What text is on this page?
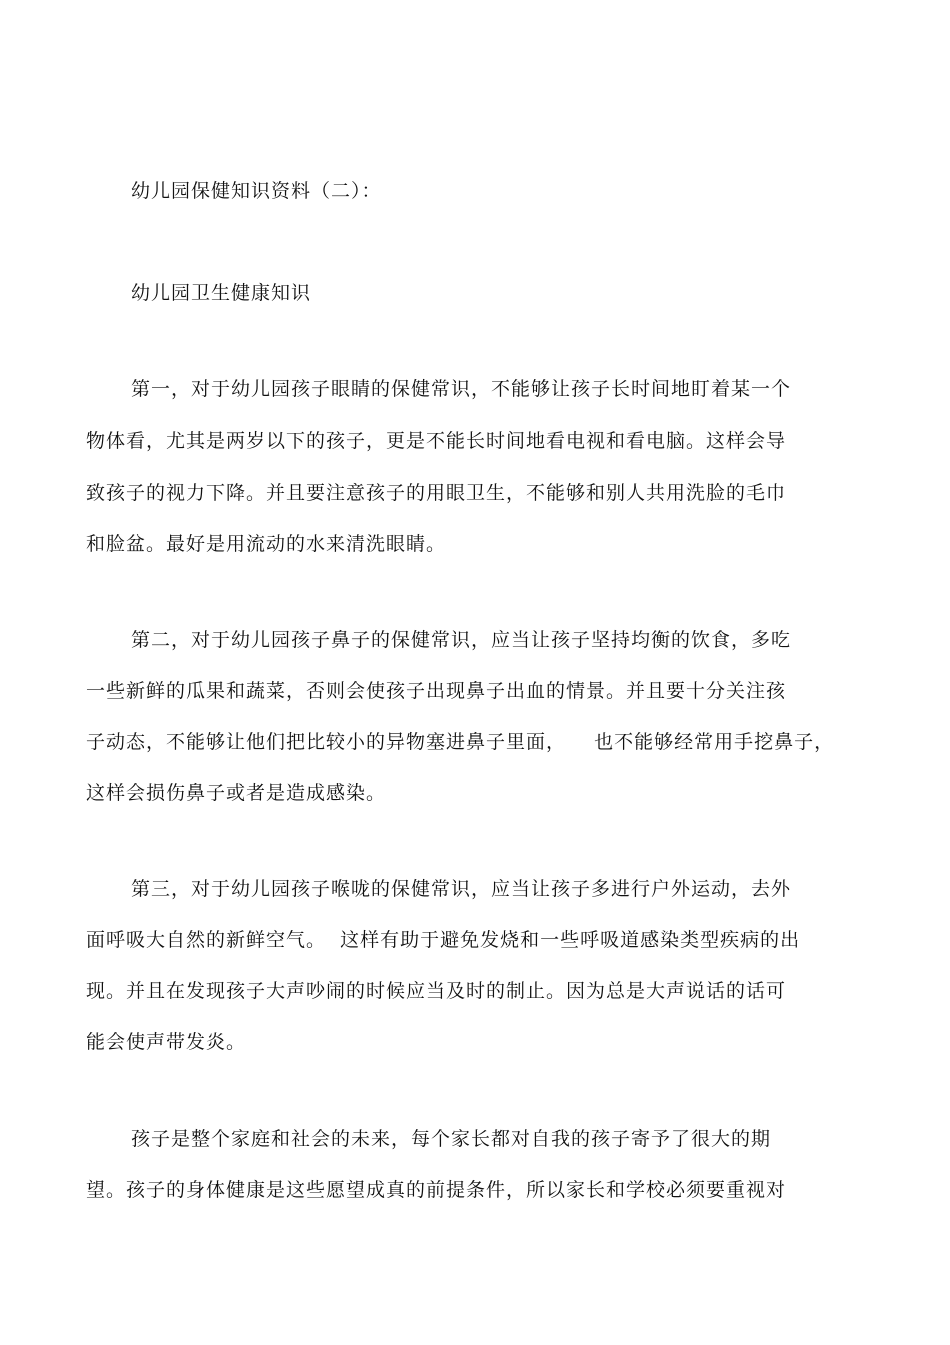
幼儿园保健知识资料（二）：
幼儿园卫生健康知识
第一，对于幼儿园孩子眼睛的保健常识，不能够让孩子长时间地盯着某一个
物体看，尤其是两岁以下的孩子，更是不能长时间地看电视和看电脑。这样会导
致孩子的视力下降。并且要注意孩子的用眼卫生，不能够和别人共用洗脸的毛巾
和脸盆。最好是用流动的水来清洗眼睛。
第二，对于幼儿园孩子鼻子的保健常识，应当让孩子坚持均衡的饮食，多吃
一些新鲜的瓜果和蔬菜，否则会使孩子出现鼻子出血的情景。并且要十分关注孩
子动态，不能够让他们把比较小的异物塞进鼻子里面，    也不能够经常用手挖鼻子，
这样会损伤鼻子或者是造成感染。
第三，对于幼儿园孩子喉咙的保健常识，应当让孩子多进行户外运动，去外
面呼吸大自然的新鲜空气。  这样有助于避免发烧和一些呼吸道感染类型疾病的出
现。并且在发现孩子大声吵闹的时候应当及时的制止。因为总是大声说话的话可
能会使声带发炎。
孩子是整个家庭和社会的未来，每个家长都对自我的孩子寄予了很大的期
望。孩子的身体健康是这些愿望成真的前提条件，所以家长和学校必须要重视对
